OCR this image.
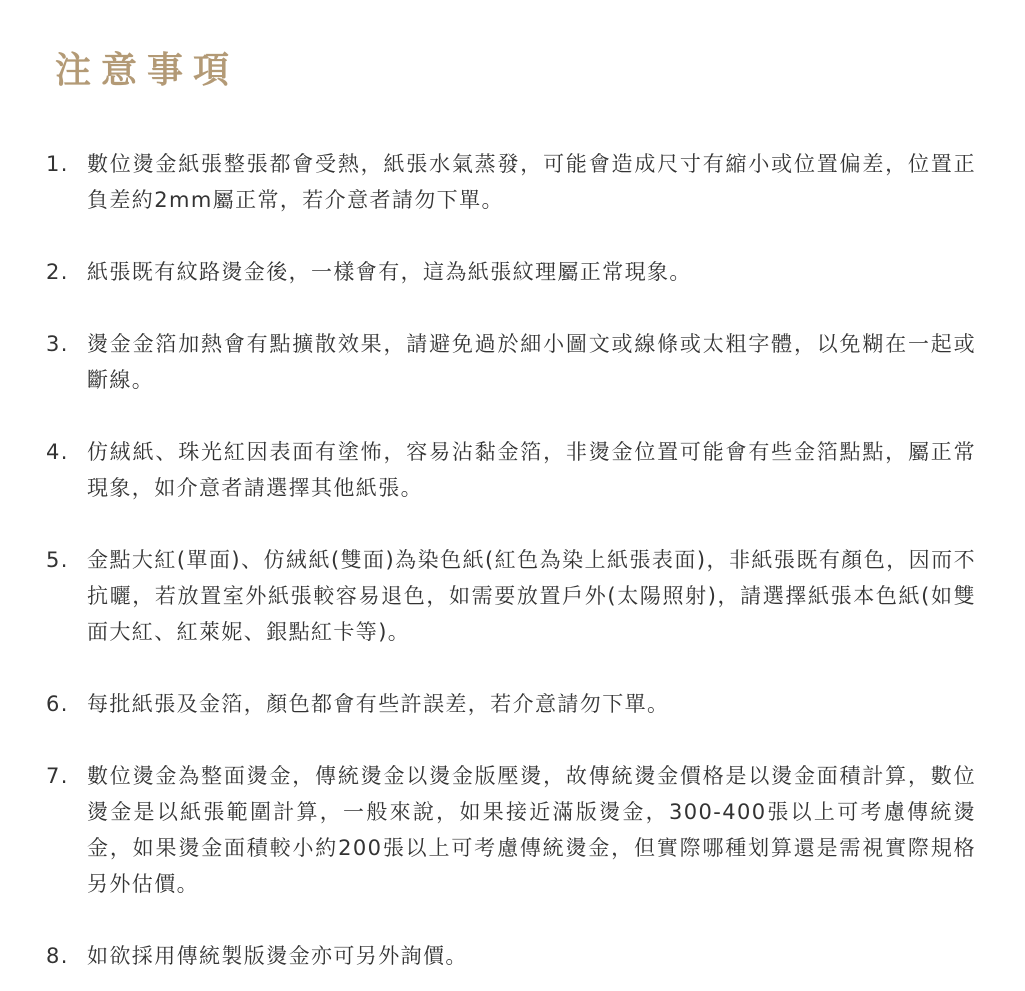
注意事項
1. 數位燙金紙張整張都會受熱，紙張水氣蒸發，可能會造成尺寸有縮小或位置偏差，位置正負差約2mm屬正常，若介意者請勿下單。
2. 紙張既有紋路燙金後，一樣會有，這為紙張紋理屬正常現象。
3. 燙金金箔加熱會有點擴散效果，請避免過於細小圖文或線條或太粗字體，以免糊在一起或斷線。
4. 仿絨紙、珠光紅因表面有塗怖，容易沾黏金箔，非燙金位置可能會有些金箔點點，屬正常現象，如介意者請選擇其他紙張。
5. 金點大紅(單面)、仿絨紙(雙面)為染色紙(紅色為染上紙張表面)，非紙張既有顏色，因而不抗曬，若放置室外紙張較容易退色，如需要放置戶外(太陽照射)，請選擇紙張本色紙(如雙面大紅、紅萊妮、銀點紅卡等)。
6. 每批紙張及金箔，顏色都會有些許誤差，若介意請勿下單。
7. 數位燙金為整面燙金，傳統燙金以燙金版壓燙，故傳統燙金價格是以燙金面積計算，數位燙金是以紙張範圍計算，一般來說，如果接近滿版燙金，300-400張以上可考慮傳統燙金，如果燙金面積較小約200張以上可考慮傳統燙金，但實際哪種划算還是需視實際規格另外估價。
8. 如欲採用傳統製版燙金亦可另外詢價。
